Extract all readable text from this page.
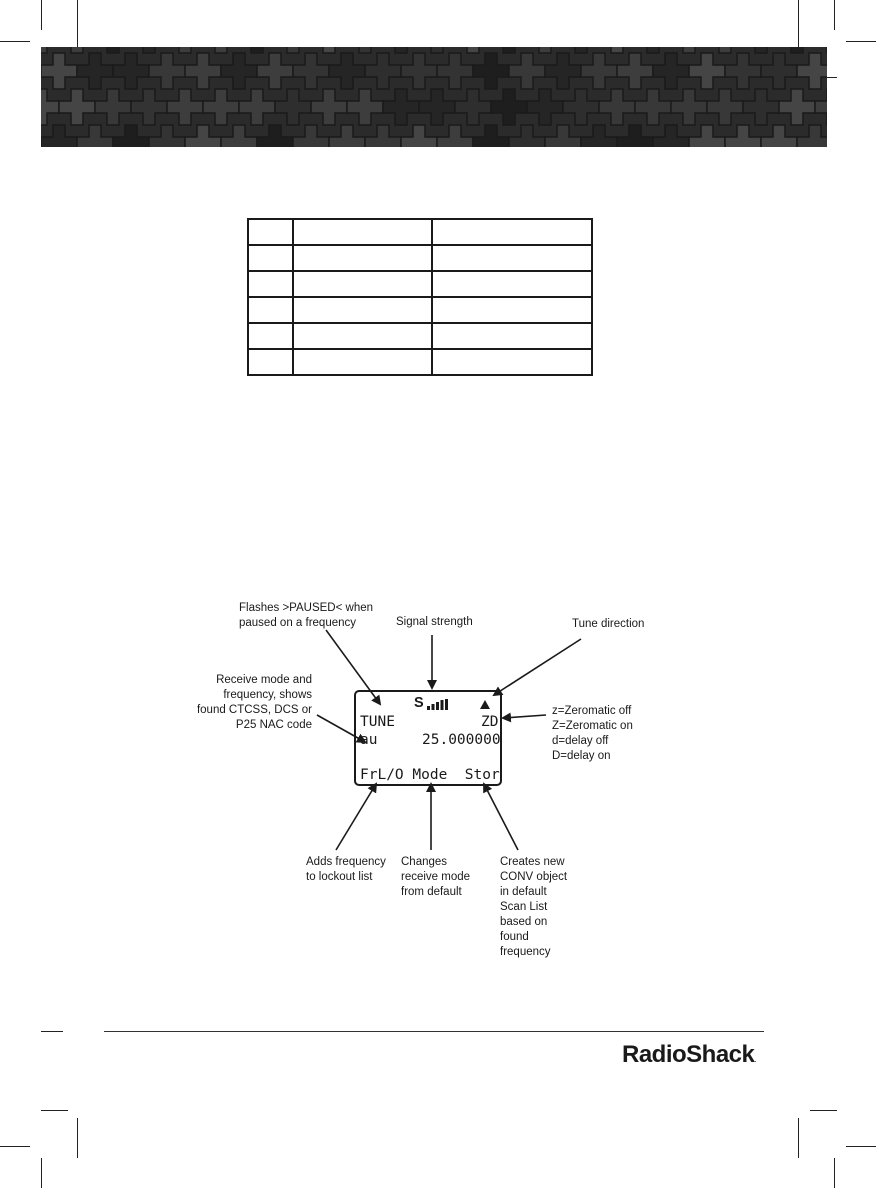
Flashes >PAUSED< when
paused on a frequency	Signal strength	Tune direction
Receive mode and
frequency, shows
found CTCSS, DCS or
P25 NAC code
z=Zeromatic off
Z=Zeromatic on
d=delay off
D=delay on
Adds frequency
to lockout list
Changes
receive mode
from default
Creates new
CONV object
in default
Scan List
based on
found
frequency
S
TUNE	ZD
au	25.000000
FrL/O Mode  Stor
RadioShack.
